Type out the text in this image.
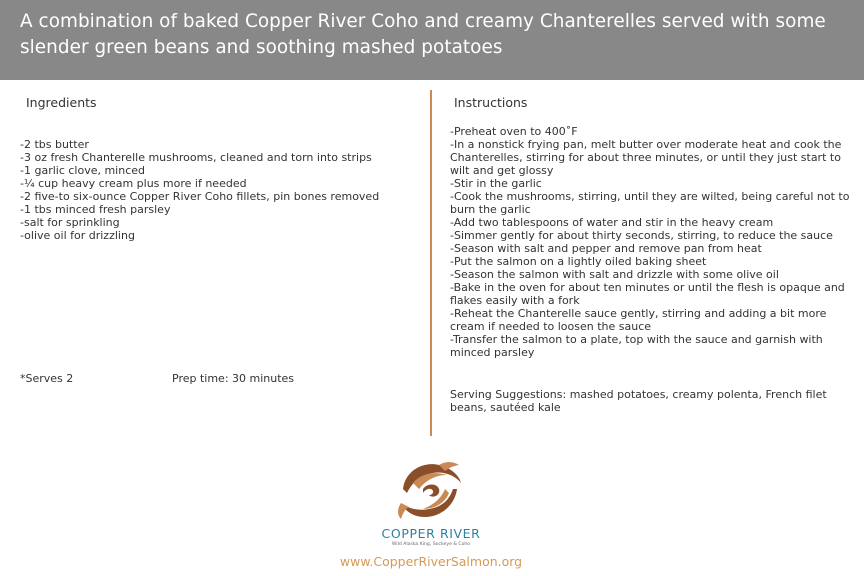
A combination of baked Copper River Coho and creamy Chanterelles served with some slender green beans and soothing mashed potatoes
Ingredients
-2 tbs butter
-3 oz fresh Chanterelle mushrooms, cleaned and torn into strips
-1 garlic clove, minced
-¼ cup heavy cream plus more if needed
-2 five-to six-ounce Copper River Coho fillets, pin bones removed
-1 tbs minced fresh parsley
-salt for sprinkling
-olive oil for drizzling
*Serves 2	Prep time: 30 minutes
Instructions
-Preheat oven to 400˚F
-In a nonstick frying pan, melt butter over moderate heat and cook the Chanterelles, stirring for about three minutes, or until they just start to wilt and get glossy
-Stir in the garlic
-Cook the mushrooms, stirring, until they are wilted, being careful not to burn the garlic
-Add two tablespoons of water and stir in the heavy cream
-Simmer gently for about thirty seconds, stirring, to reduce the sauce
-Season with salt and pepper and remove pan from heat
-Put the salmon on a lightly oiled baking sheet
-Season the salmon with salt and drizzle with some olive oil
-Bake in the oven for about ten minutes or until the flesh is opaque and flakes easily with a fork
-Reheat the Chanterelle sauce gently, stirring and adding a bit more cream if needed to loosen the sauce
-Transfer the salmon to a plate, top with the sauce and garnish with minced parsley

Serving Suggestions: mashed potatoes, creamy polenta, French filet beans, sautéed kale

COPPER RIVER
Wild Alaska King, Sockeye & Coho
www.CopperRiverSalmon.org
